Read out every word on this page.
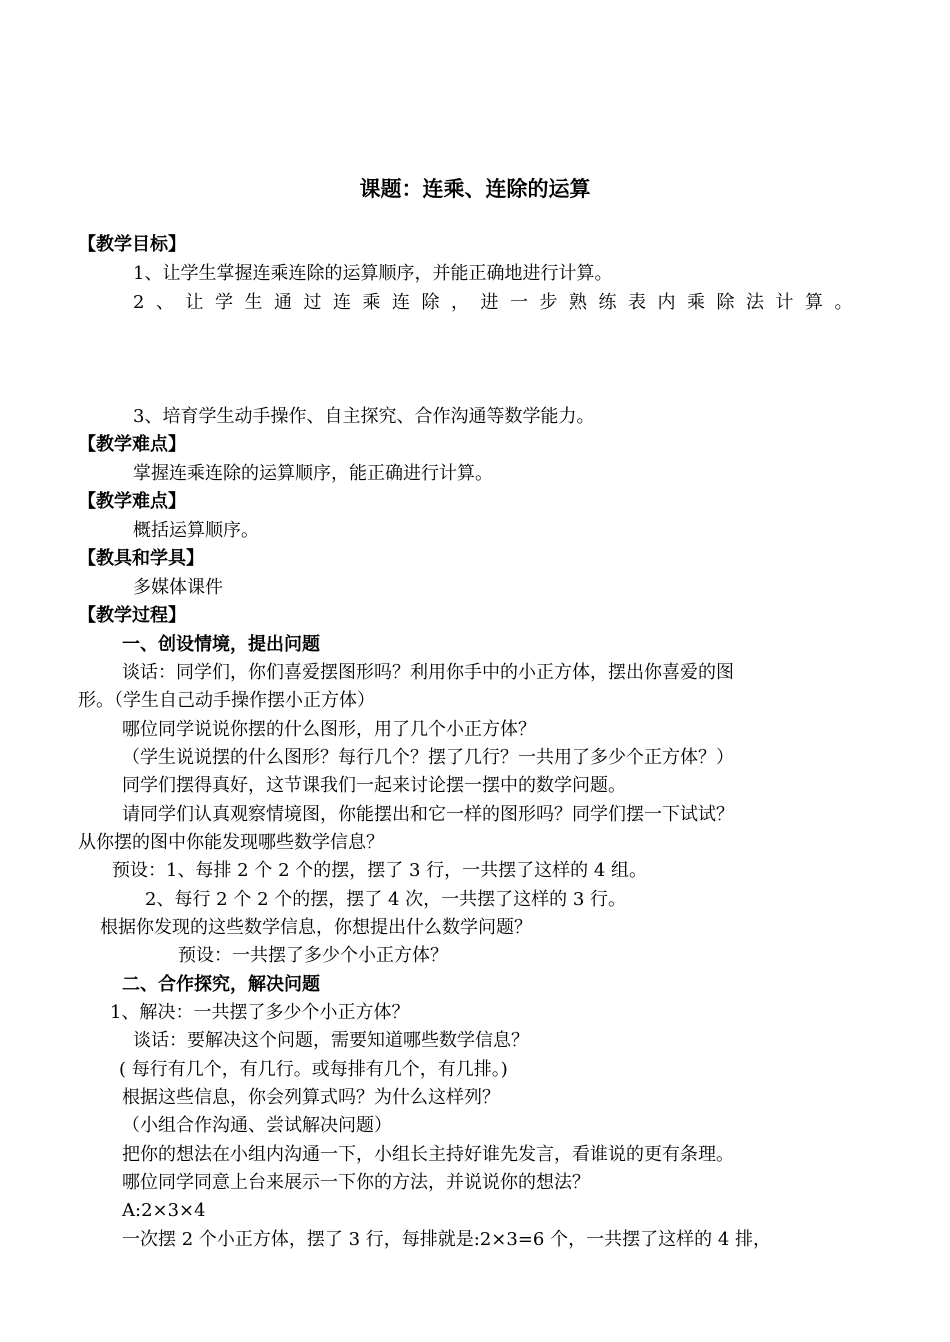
课题：连乘、连除的运算
【教学目标】
1、让学生掌握连乘连除的运算顺序，并能正确地进行计算。
2、让学生通过连乘连除，进一步熟练表内乘除法计算。
3、培育学生动手操作、自主探究、合作沟通等数学能力。
【教学难点】
掌握连乘连除的运算顺序，能正确进行计算。
【教学难点】
概括运算顺序。
【教具和学具】
多媒体课件
【教学过程】
一、创设情境，提出问题
谈话：同学们，你们喜爱摆图形吗？利用你手中的小正方体，摆出你喜爱的图
形。（学生自己动手操作摆小正方体）
哪位同学说说你摆的什么图形，用了几个小正方体？
（学生说说摆的什么图形？每行几个？摆了几行？一共用了多少个正方体？）
同学们摆得真好，这节课我们一起来讨论摆一摆中的数学问题。
请同学们认真观察情境图，你能摆出和它一样的图形吗？同学们摆一下试试？
从你摆的图中你能发现哪些数学信息？
预设：1、每排 2 个 2 个的摆，摆了 3 行，一共摆了这样的 4 组。
2、每行 2 个 2 个的摆，摆了 4 次，一共摆了这样的 3 行。
根据你发现的这些数学信息，你想提出什么数学问题？
预设：一共摆了多少个小正方体？
二、合作探究，解决问题
1、解决：一共摆了多少个小正方体？
谈话：要解决这个问题，需要知道哪些数学信息？
( 每行有几个，有几行。或每排有几个，有几排。)
根据这些信息，你会列算式吗？为什么这样列？
（小组合作沟通、尝试解决问题）
把你的想法在小组内沟通一下，小组长主持好谁先发言，看谁说的更有条理。
哪位同学同意上台来展示一下你的方法，并说说你的想法？
A:2×3×4
一次摆 2 个小正方体，摆了 3 行，每排就是:2×3=6 个，一共摆了这样的 4 排，
